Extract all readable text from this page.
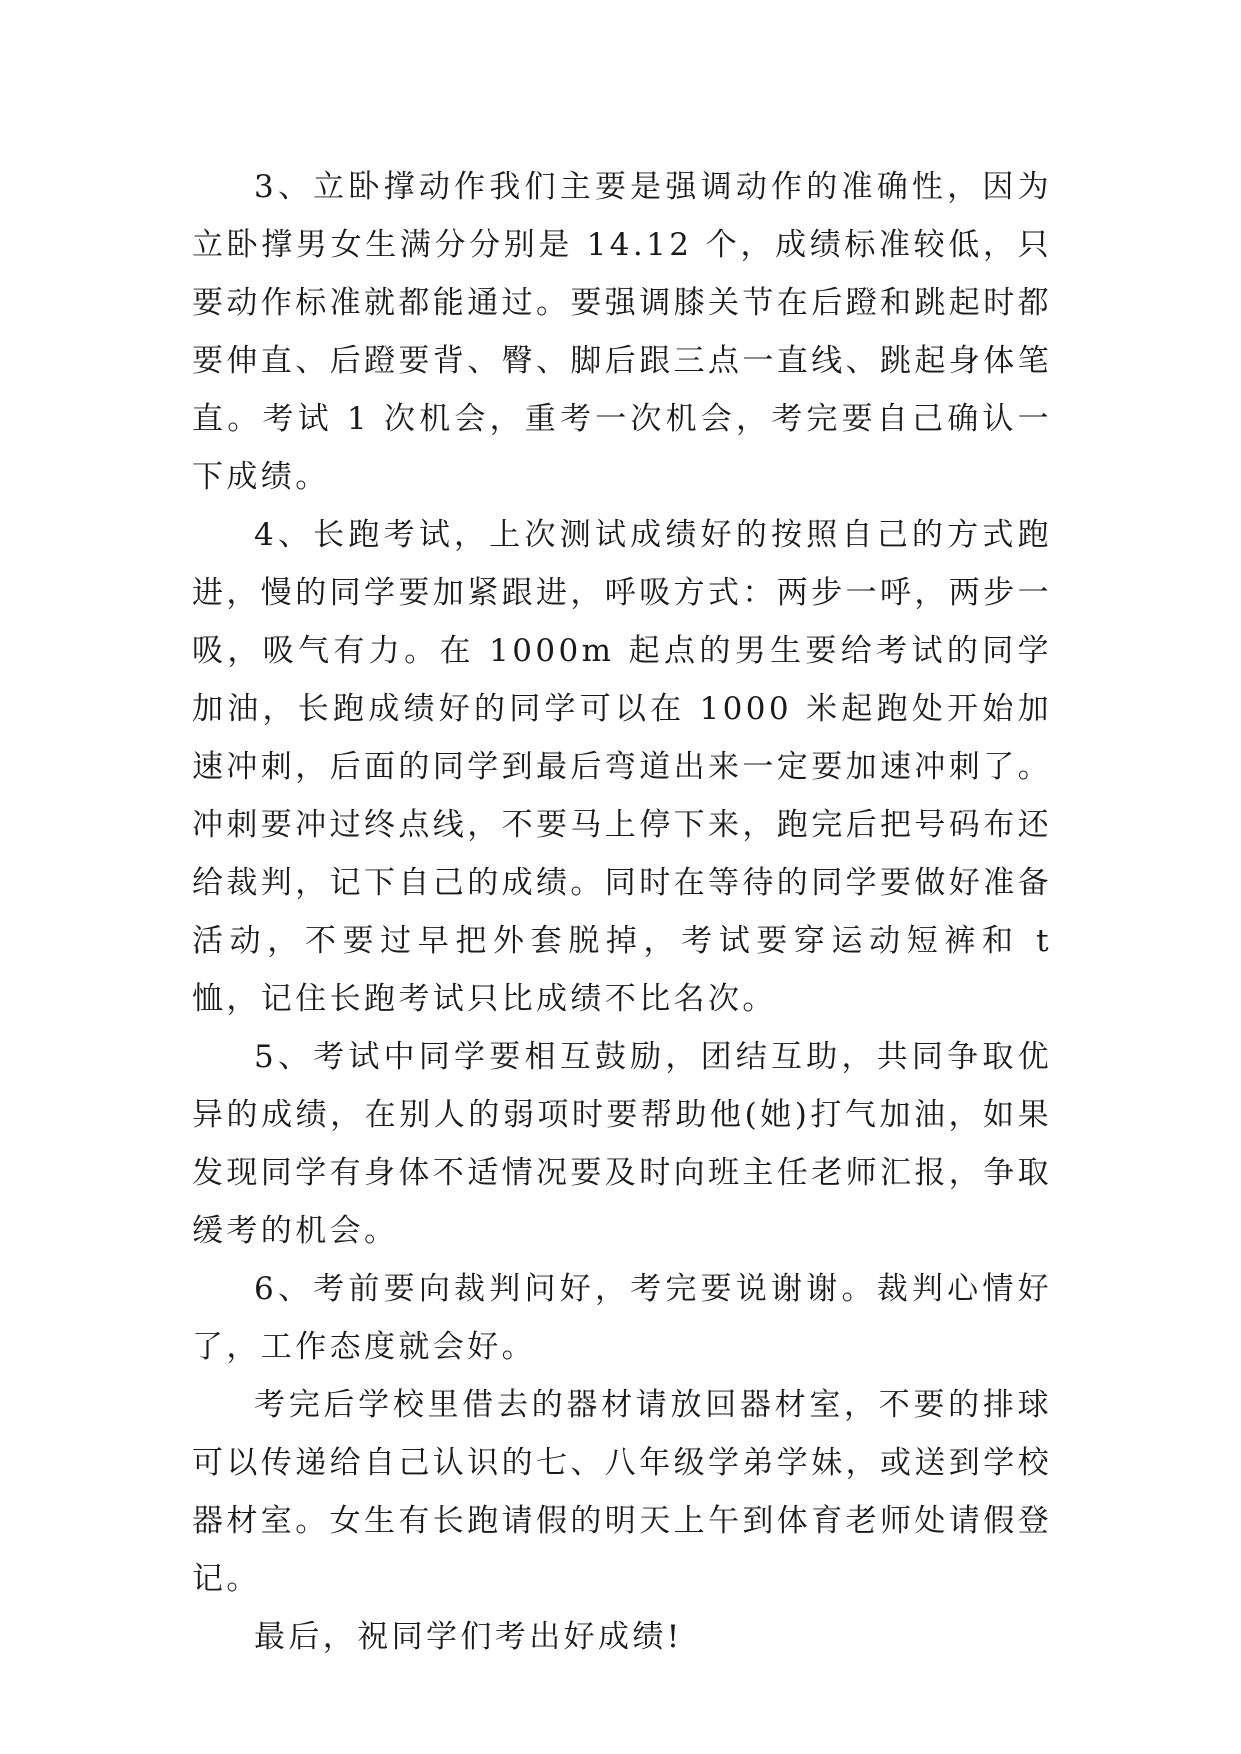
3、立卧撑动作我们主要是强调动作的准确性，因为立卧撑男女生满分分别是 14.12 个，成绩标准较低，只要动作标准就都能通过。要强调膝关节在后蹬和跳起时都要伸直、后蹬要背、臀、脚后跟三点一直线、跳起身体笔直。考试 1 次机会，重考一次机会，考完要自己确认一下成绩。

4、长跑考试，上次测试成绩好的按照自己的方式跑进，慢的同学要加紧跟进，呼吸方式：两步一呼，两步一吸，吸气有力。在 1000m 起点的男生要给考试的同学加油，长跑成绩好的同学可以在 1000 米起跑处开始加速冲刺，后面的同学到最后弯道出来一定要加速冲刺了。冲刺要冲过终点线，不要马上停下来，跑完后把号码布还给裁判，记下自己的成绩。同时在等待的同学要做好准备活动，不要过早把外套脱掉，考试要穿运动短裤和 t 恤，记住长跑考试只比成绩不比名次。

5、考试中同学要相互鼓励，团结互助，共同争取优异的成绩，在别人的弱项时要帮助他(她)打气加油，如果发现同学有身体不适情况要及时向班主任老师汇报，争取缓考的机会。

6、考前要向裁判问好，考完要说谢谢。裁判心情好了，工作态度就会好。

考完后学校里借去的器材请放回器材室，不要的排球可以传递给自己认识的七、八年级学弟学妹，或送到学校器材室。女生有长跑请假的明天上午到体育老师处请假登记。

最后，祝同学们考出好成绩!
